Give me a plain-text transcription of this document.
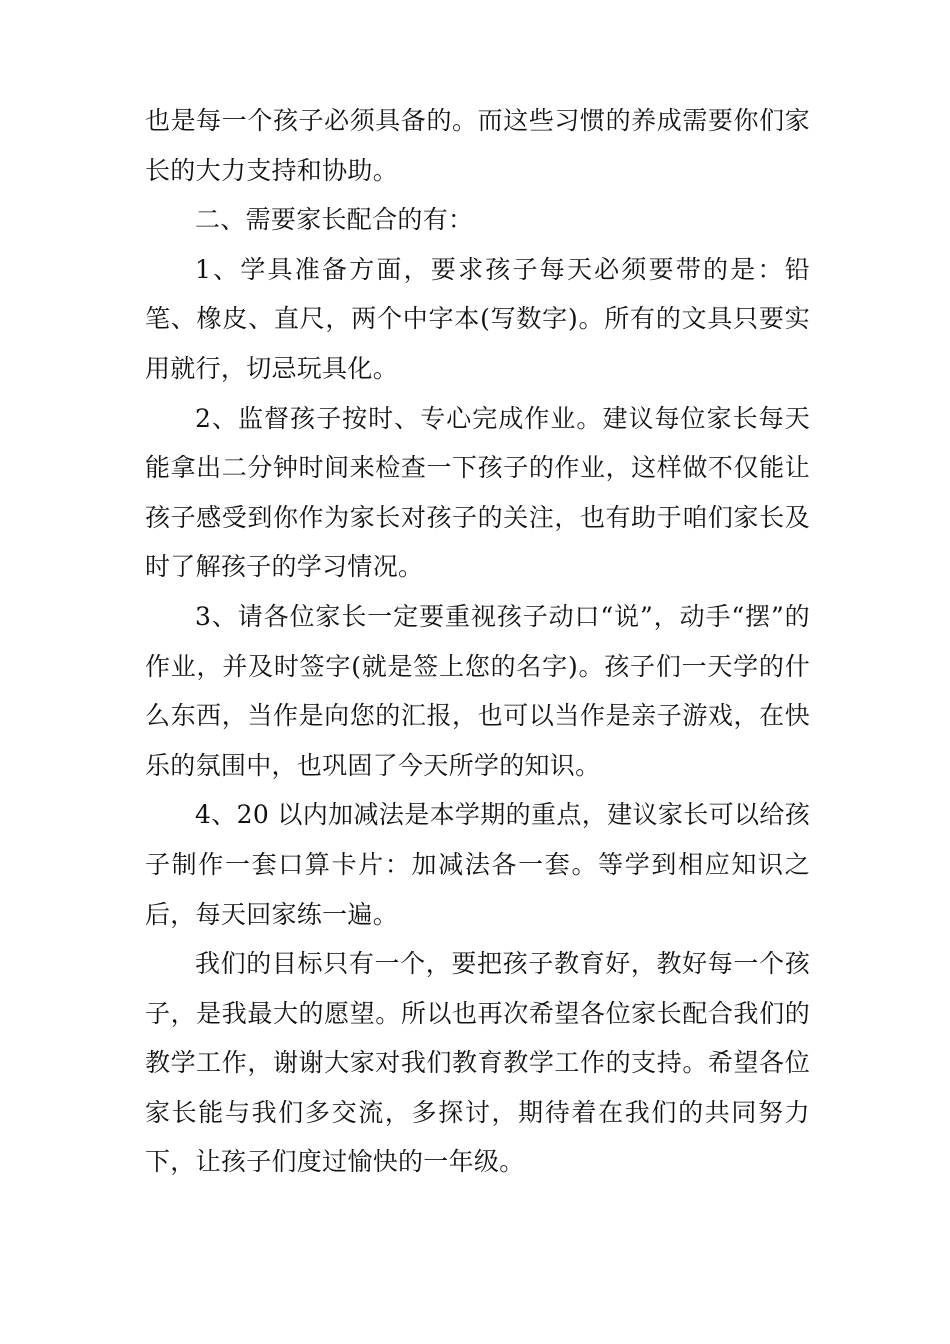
也是每一个孩子必须具备的。而这些习惯的养成需要你们家长的大力支持和协助。

二、需要家长配合的有：

1、学具准备方面，要求孩子每天必须要带的是：铅笔、橡皮、直尺，两个中字本(写数字)。所有的文具只要实用就行，切忌玩具化。

2、监督孩子按时、专心完成作业。建议每位家长每天能拿出二分钟时间来检查一下孩子的作业，这样做不仅能让孩子感受到你作为家长对孩子的关注，也有助于咱们家长及时了解孩子的学习情况。

3、请各位家长一定要重视孩子动口“说”，动手“摆”的作业，并及时签字(就是签上您的名字)。孩子们一天学的什么东西，当作是向您的汇报，也可以当作是亲子游戏，在快乐的氛围中，也巩固了今天所学的知识。

4、20 以内加减法是本学期的重点，建议家长可以给孩子制作一套口算卡片：加减法各一套。等学到相应知识之后，每天回家练一遍。

我们的目标只有一个，要把孩子教育好，教好每一个孩子，是我最大的愿望。所以也再次希望各位家长配合我们的教学工作，谢谢大家对我们教育教学工作的支持。希望各位家长能与我们多交流，多探讨，期待着在我们的共同努力下，让孩子们度过愉快的一年级。
